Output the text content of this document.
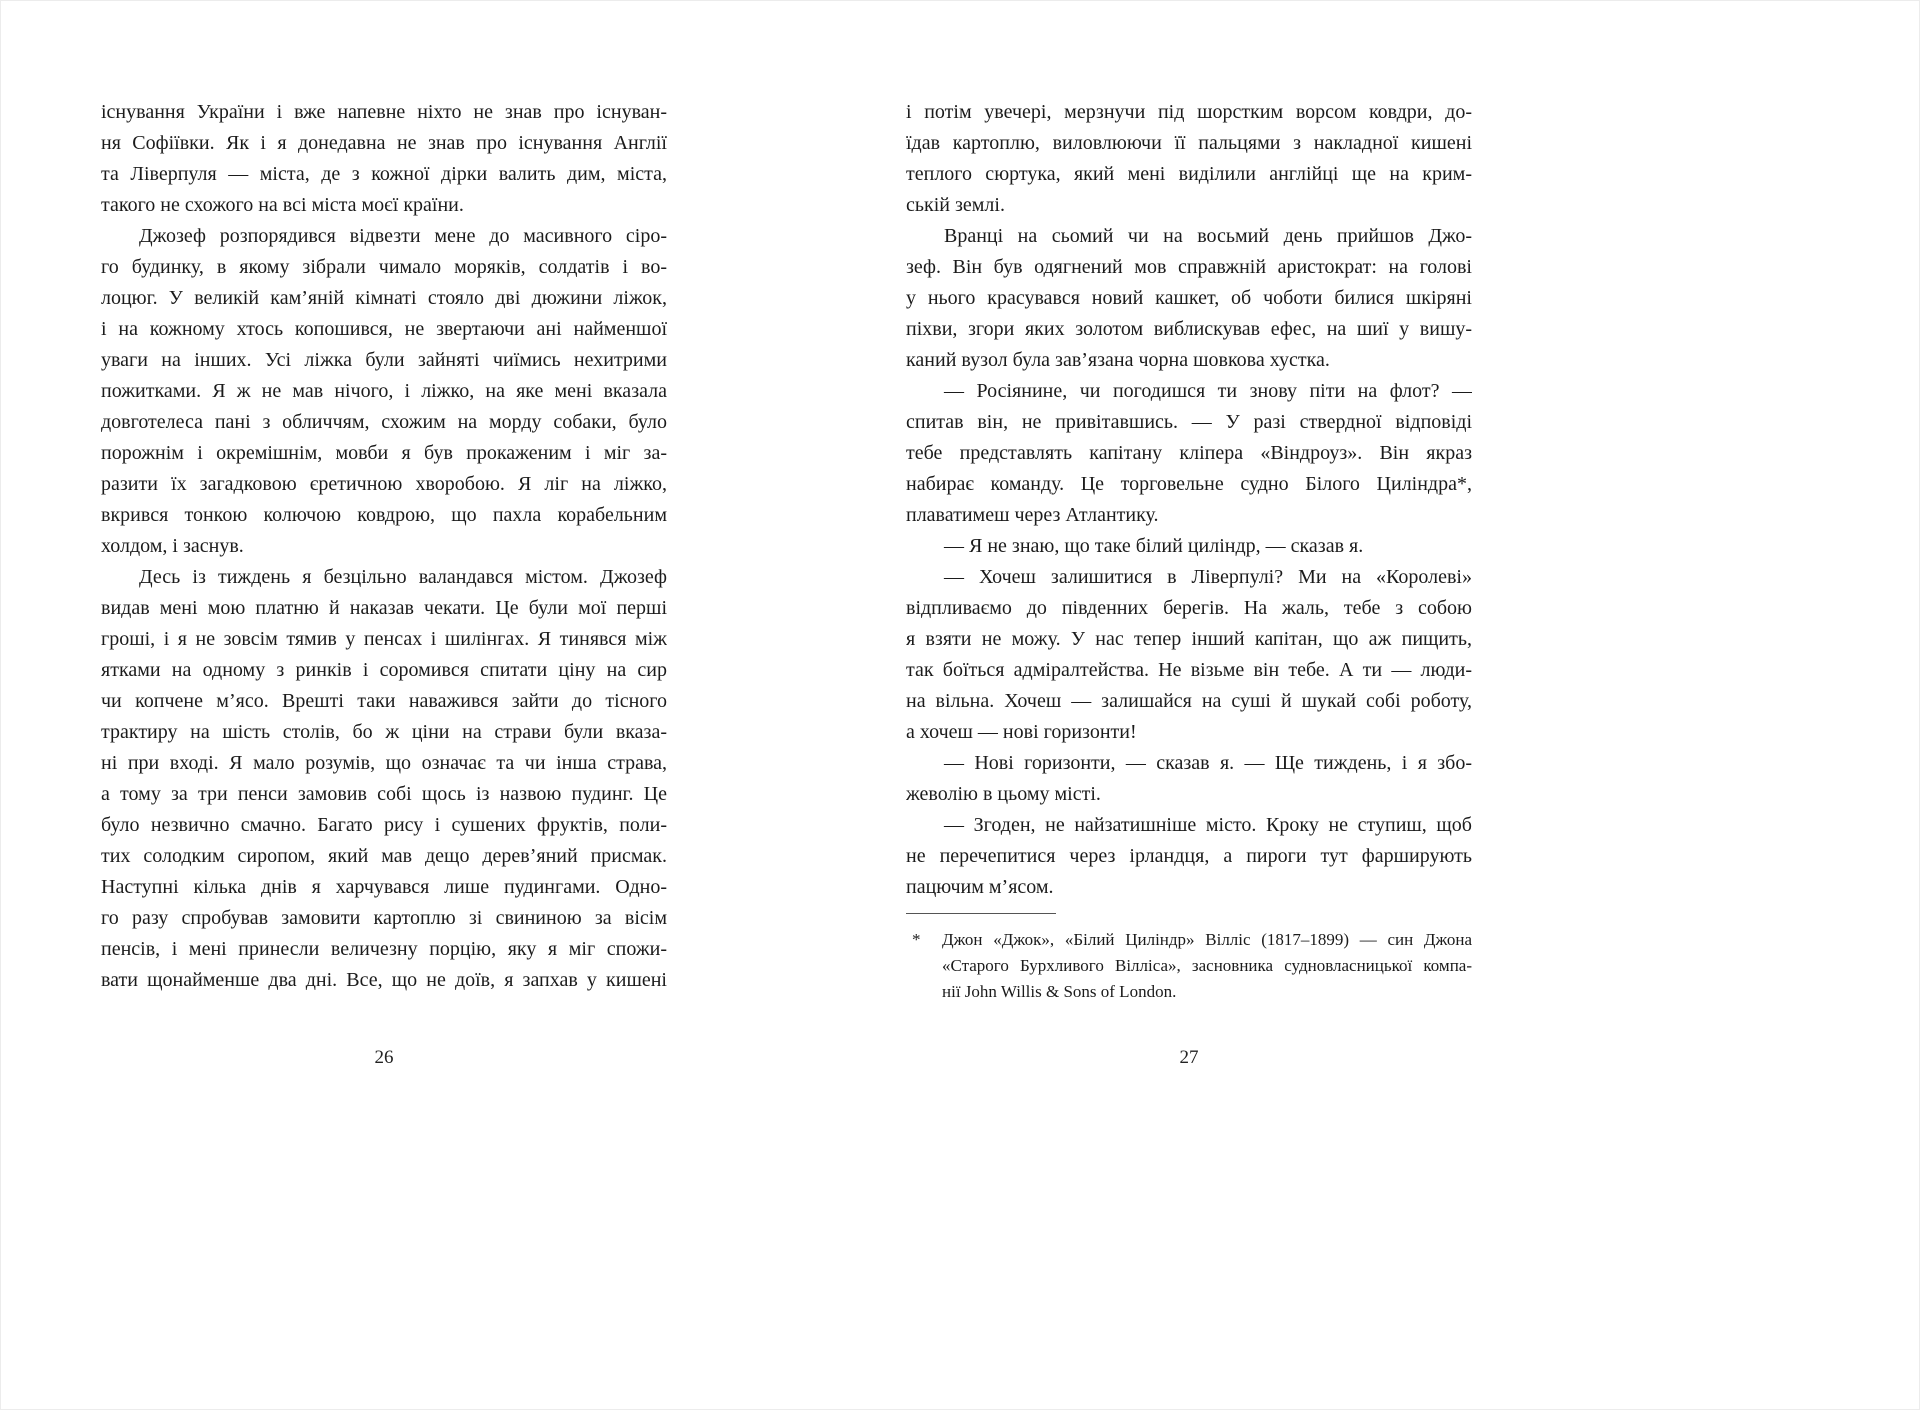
існування України і вже напевне ніхто не знав про існуван-
ня Софіївки. Як і я донедавна не знав про існування Англії
та Ліверпуля — міста, де з кожної дірки валить дим, міста,
такого не схожого на всі міста моєї країни.
Джозеф розпорядився відвезти мене до масивного сіро-
го будинку, в якому зібрали чимало моряків, солдатів і во-
лоцюг. У великій кам’яній кімнаті стояло дві дюжини ліжок,
і на кожному хтось копошився, не звертаючи ані найменшої
уваги на інших. Усі ліжка були зайняті чиїмись нехитрими
пожитками. Я ж не мав нічого, і ліжко, на яке мені вказала
довготелеса пані з обличчям, схожим на морду собаки, було
порожнім і окремішнім, мовби я був прокаженим і міг за-
разити їх загадковою єретичною хворобою. Я ліг на ліжко,
вкрився тонкою колючою ковдрою, що пахла корабельним
холдом, і заснув.
Десь із тиждень я безцільно валандався містом. Джозеф
видав мені мою платню й наказав чекати. Це були мої перші
гроші, і я не зовсім тямив у пенсах і шилінгах. Я тинявся між
ятками на одному з ринків і соромився спитати ціну на сир
чи копчене м’ясо. Врешті таки наважився зайти до тісного
трактиру на шість столів, бо ж ціни на страви були вказа-
ні при вході. Я мало розумів, що означає та чи інша страва,
а тому за три пенси замовив собі щось із назвою пудинг. Це
було незвично смачно. Багато рису і сушених фруктів, поли-
тих солодким сиропом, який мав дещо дерев’яний присмак.
Наступні кілька днів я харчувався лише пудингами. Одно-
го разу спробував замовити картоплю зі свининою за вісім
пенсів, і мені принесли величезну порцію, яку я міг спожи-
вати щонайменше два дні. Все, що не доїв, я запхав у кишені
26
і потім увечері, мерзнучи під шорстким ворсом ковдри, до-
їдав картоплю, виловлюючи її пальцями з накладної кишені
теплого сюртука, який мені виділили англійці ще на крим-
ській землі.
Вранці на сьомий чи на восьмий день прийшов Джо-
зеф. Він був одягнений мов справжній аристократ: на голові
у нього красувався новий кашкет, об чоботи билися шкіряні
піхви, згори яких золотом виблискував ефес, на шиї у вишу-
каний вузол була зав’язана чорна шовкова хустка.
— Росіянине, чи погодишся ти знову піти на флот? —
спитав він, не привітавшись. — У разі ствердної відповіді
тебе представлять капітану кліпера «Віндроуз». Він якраз
набирає команду. Це торговельне судно Білого Циліндра*,
плаватимеш через Атлантику.
— Я не знаю, що таке білий циліндр, — сказав я.
— Хочеш залишитися в Ліверпулі? Ми на «Королеві»
відпливаємо до південних берегів. На жаль, тебе з собою
я взяти не можу. У нас тепер інший капітан, що аж пищить,
так боїться адміралтейства. Не візьме він тебе. А ти — люди-
на вільна. Хочеш — залишайся на суші й шукай собі роботу,
а хочеш — нові горизонти!
— Нові горизонти, — сказав я. — Ще тиждень, і я збо-
жеволію в цьому місті.
— Згоден, не найзатишніше місто. Кроку не ступиш, щоб
не перечепитися через ірландця, а пироги тут фарширують
пацючим м’ясом.
* Джон «Джок», «Білий Циліндр» Вілліс (1817–1899) — син Джона
«Старого Бурхливого Вілліса», засновника судновласницької компа-
нії John Willis & Sons of London.
27
